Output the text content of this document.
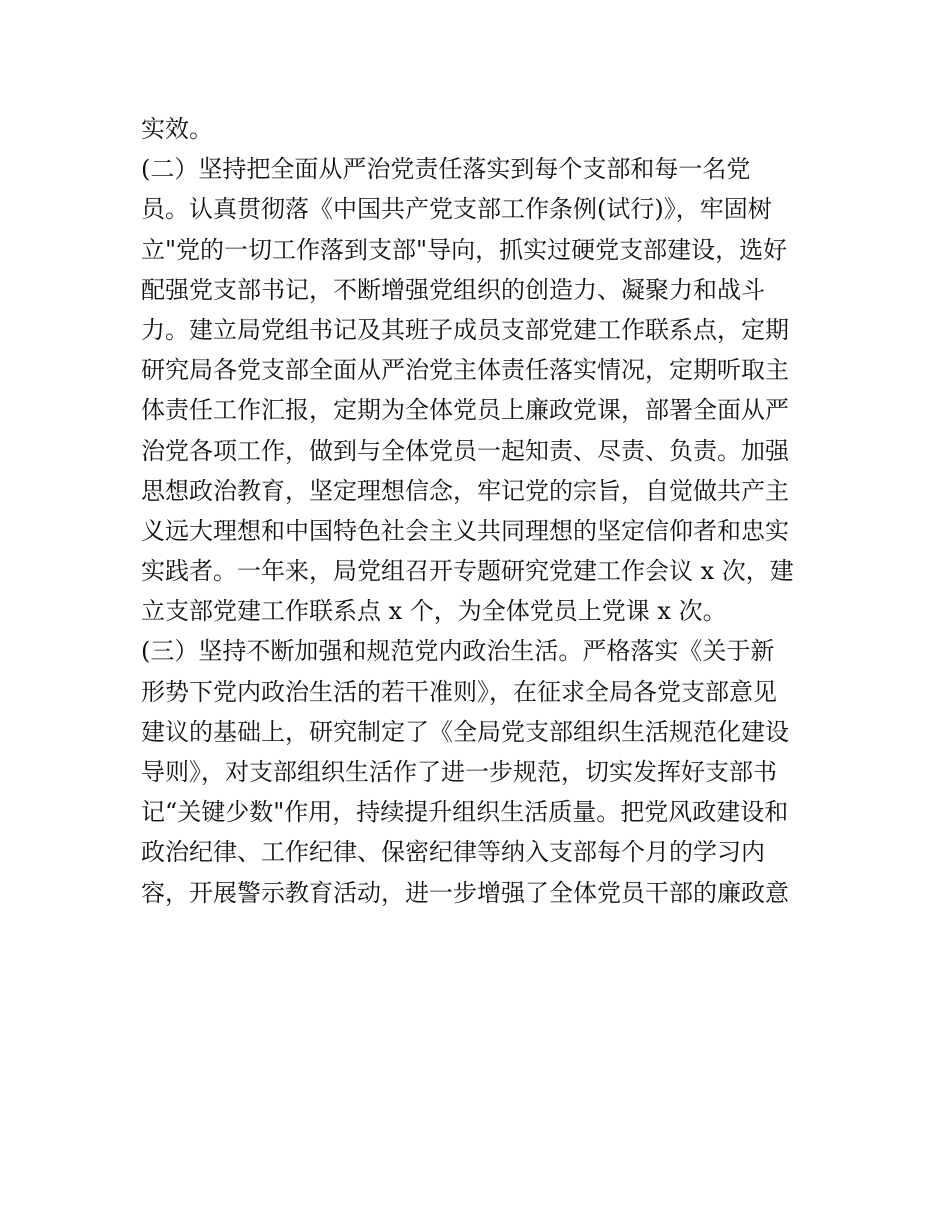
实效。
(二）坚持把全面从严治党责任落实到每个支部和每一名党
员。认真贯彻落《中国共产党支部工作条例(试行)》，牢固树
立"党的一切工作落到支部"导向，抓实过硬党支部建设，选好
配强党支部书记，不断增强党组织的创造力、凝聚力和战斗
力。建立局党组书记及其班子成员支部党建工作联系点，定期
研究局各党支部全面从严治党主体责任落实情况，定期听取主
体责任工作汇报，定期为全体党员上廉政党课，部署全面从严
治党各项工作，做到与全体党员一起知责、尽责、负责。加强
思想政治教育，坚定理想信念，牢记党的宗旨，自觉做共产主
义远大理想和中国特色社会主义共同理想的坚定信仰者和忠实
实践者。一年来，局党组召开专题研究党建工作会议 x 次，建
立支部党建工作联系点 x 个，为全体党员上党课 x 次。
(三）坚持不断加强和规范党内政治生活。严格落实《关于新
形势下党内政治生活的若干准则》，在征求全局各党支部意见
建议的基础上，研究制定了《全局党支部组织生活规范化建设
导则》，对支部组织生活作了进一步规范，切实发挥好支部书
记“关键少数"作用，持续提升组织生活质量。把党风政建设和
政治纪律、工作纪律、保密纪律等纳入支部每个月的学习内
容，开展警示教育活动，进一步增强了全体党员干部的廉政意
